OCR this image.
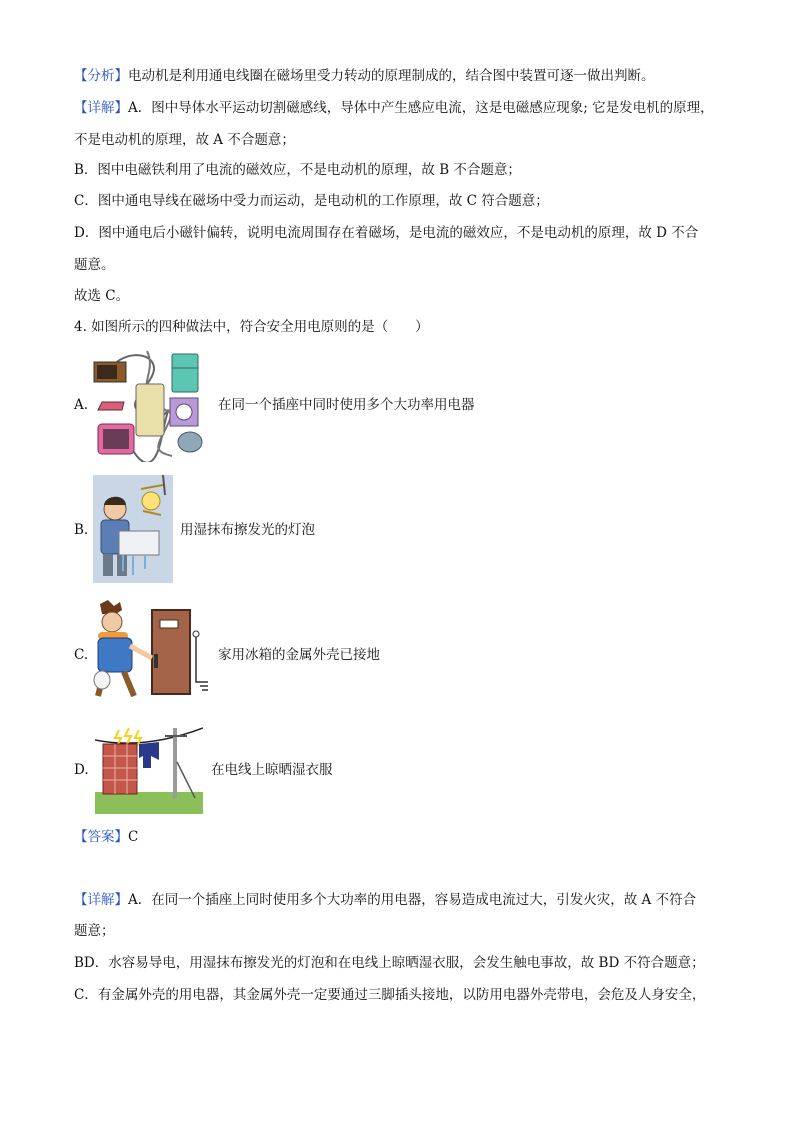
【分析】电动机是利用通电线圈在磁场里受力转动的原理制成的，结合图中装置可逐一做出判断。
【详解】A．图中导体水平运动切割磁感线，导体中产生感应电流，这是电磁感应现象; 它是发电机的原理，
不是电动机的原理，故 A 不合题意；
B．图中电磁铁利用了电流的磁效应，不是电动机的原理，故 B 不合题意；
C．图中通电导线在磁场中受力而运动，是电动机的工作原理，故 C 符合题意；
D．图中通电后小磁针偏转，说明电流周围存在着磁场，是电流的磁效应，不是电动机的原理，故 D 不合
题意。
故选 C。
4. 如图所示的四种做法中，符合安全用电原则的是（　　）
A.	在同一个插座中同时使用多个大功率用电器
B.	用湿抹布擦发光的灯泡
C.	家用冰箱的金属外壳已接地
D.	在电线上晾晒湿衣服
【答案】C
【详解】A．在同一个插座上同时使用多个大功率的用电器，容易造成电流过大，引发火灾，故 A 不符合
题意；
BD．水容易导电，用湿抹布擦发光的灯泡和在电线上晾晒湿衣服，会发生触电事故，故 BD 不符合题意；
C．有金属外壳的用电器，其金属外壳一定要通过三脚插头接地，以防用电器外壳带电，会危及人身安全，
